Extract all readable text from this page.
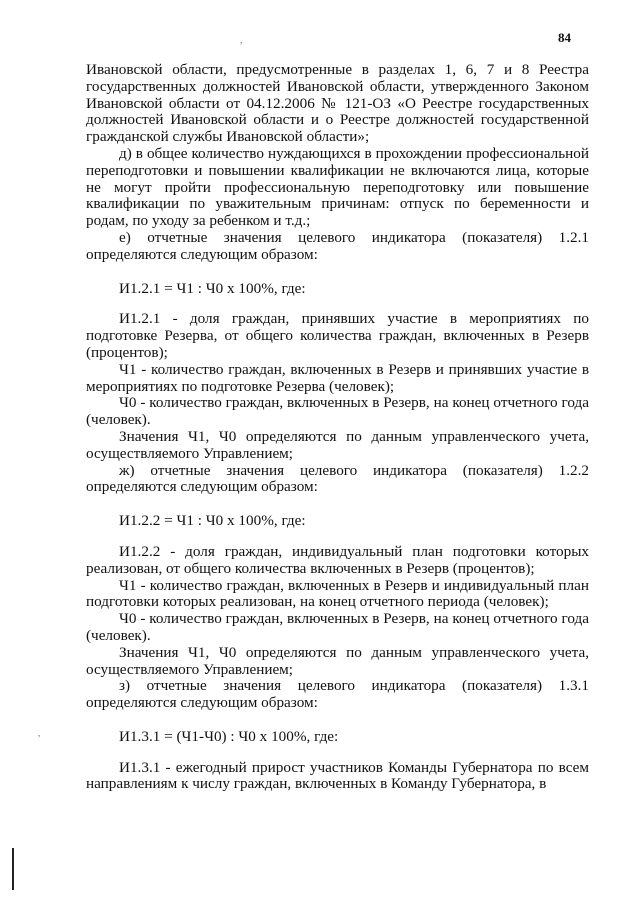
84
,
,

Ивановской области, предусмотренные в разделах 1, 6, 7 и 8 Реестра государственных должностей Ивановской области, утвержденного Законом Ивановской области от 04.12.2006 № 121-ОЗ «О Реестре государственных должностей Ивановской области и о Реестре должностей государственной гражданской службы Ивановской области»;

д) в общее количество нуждающихся в прохождении профессиональной переподготовки и повышении квалификации не включаются лица, которые не могут пройти профессиональную переподготовку или повышение квалификации по уважительным причинам: отпуск по беременности и родам, по уходу за ребенком и т.д.;

е) отчетные значения целевого индикатора (показателя) 1.2.1 определяются следующим образом:

И1.2.1 = Ч1 : Ч0 х 100%, где:

И1.2.1 - доля граждан, принявших участие в мероприятиях по подготовке Резерва, от общего количества граждан, включенных в Резерв (процентов);

Ч1 - количество граждан, включенных в Резерв и принявших участие в мероприятиях по подготовке Резерва (человек);

Ч0 - количество граждан, включенных в Резерв, на конец отчетного года (человек).

Значения Ч1, Ч0 определяются по данным управленческого учета, осуществляемого Управлением;

ж) отчетные значения целевого индикатора (показателя) 1.2.2 определяются следующим образом:

И1.2.2 = Ч1 : Ч0 х 100%, где:

И1.2.2 - доля граждан, индивидуальный план подготовки которых реализован, от общего количества включенных в Резерв (процентов);

Ч1 - количество граждан, включенных в Резерв и индивидуальный план подготовки которых реализован, на конец отчетного периода (человек);

Ч0 - количество граждан, включенных в Резерв, на конец отчетного года (человек).

Значения Ч1, Ч0 определяются по данным управленческого учета, осуществляемого Управлением;

з) отчетные значения целевого индикатора (показателя) 1.3.1 определяются следующим образом:

И1.3.1 = (Ч1-Ч0) : Ч0 х 100%, где:

И1.3.1 - ежегодный прирост участников Команды Губернатора по всем направлениям к числу граждан, включенных в Команду Губернатора, в
